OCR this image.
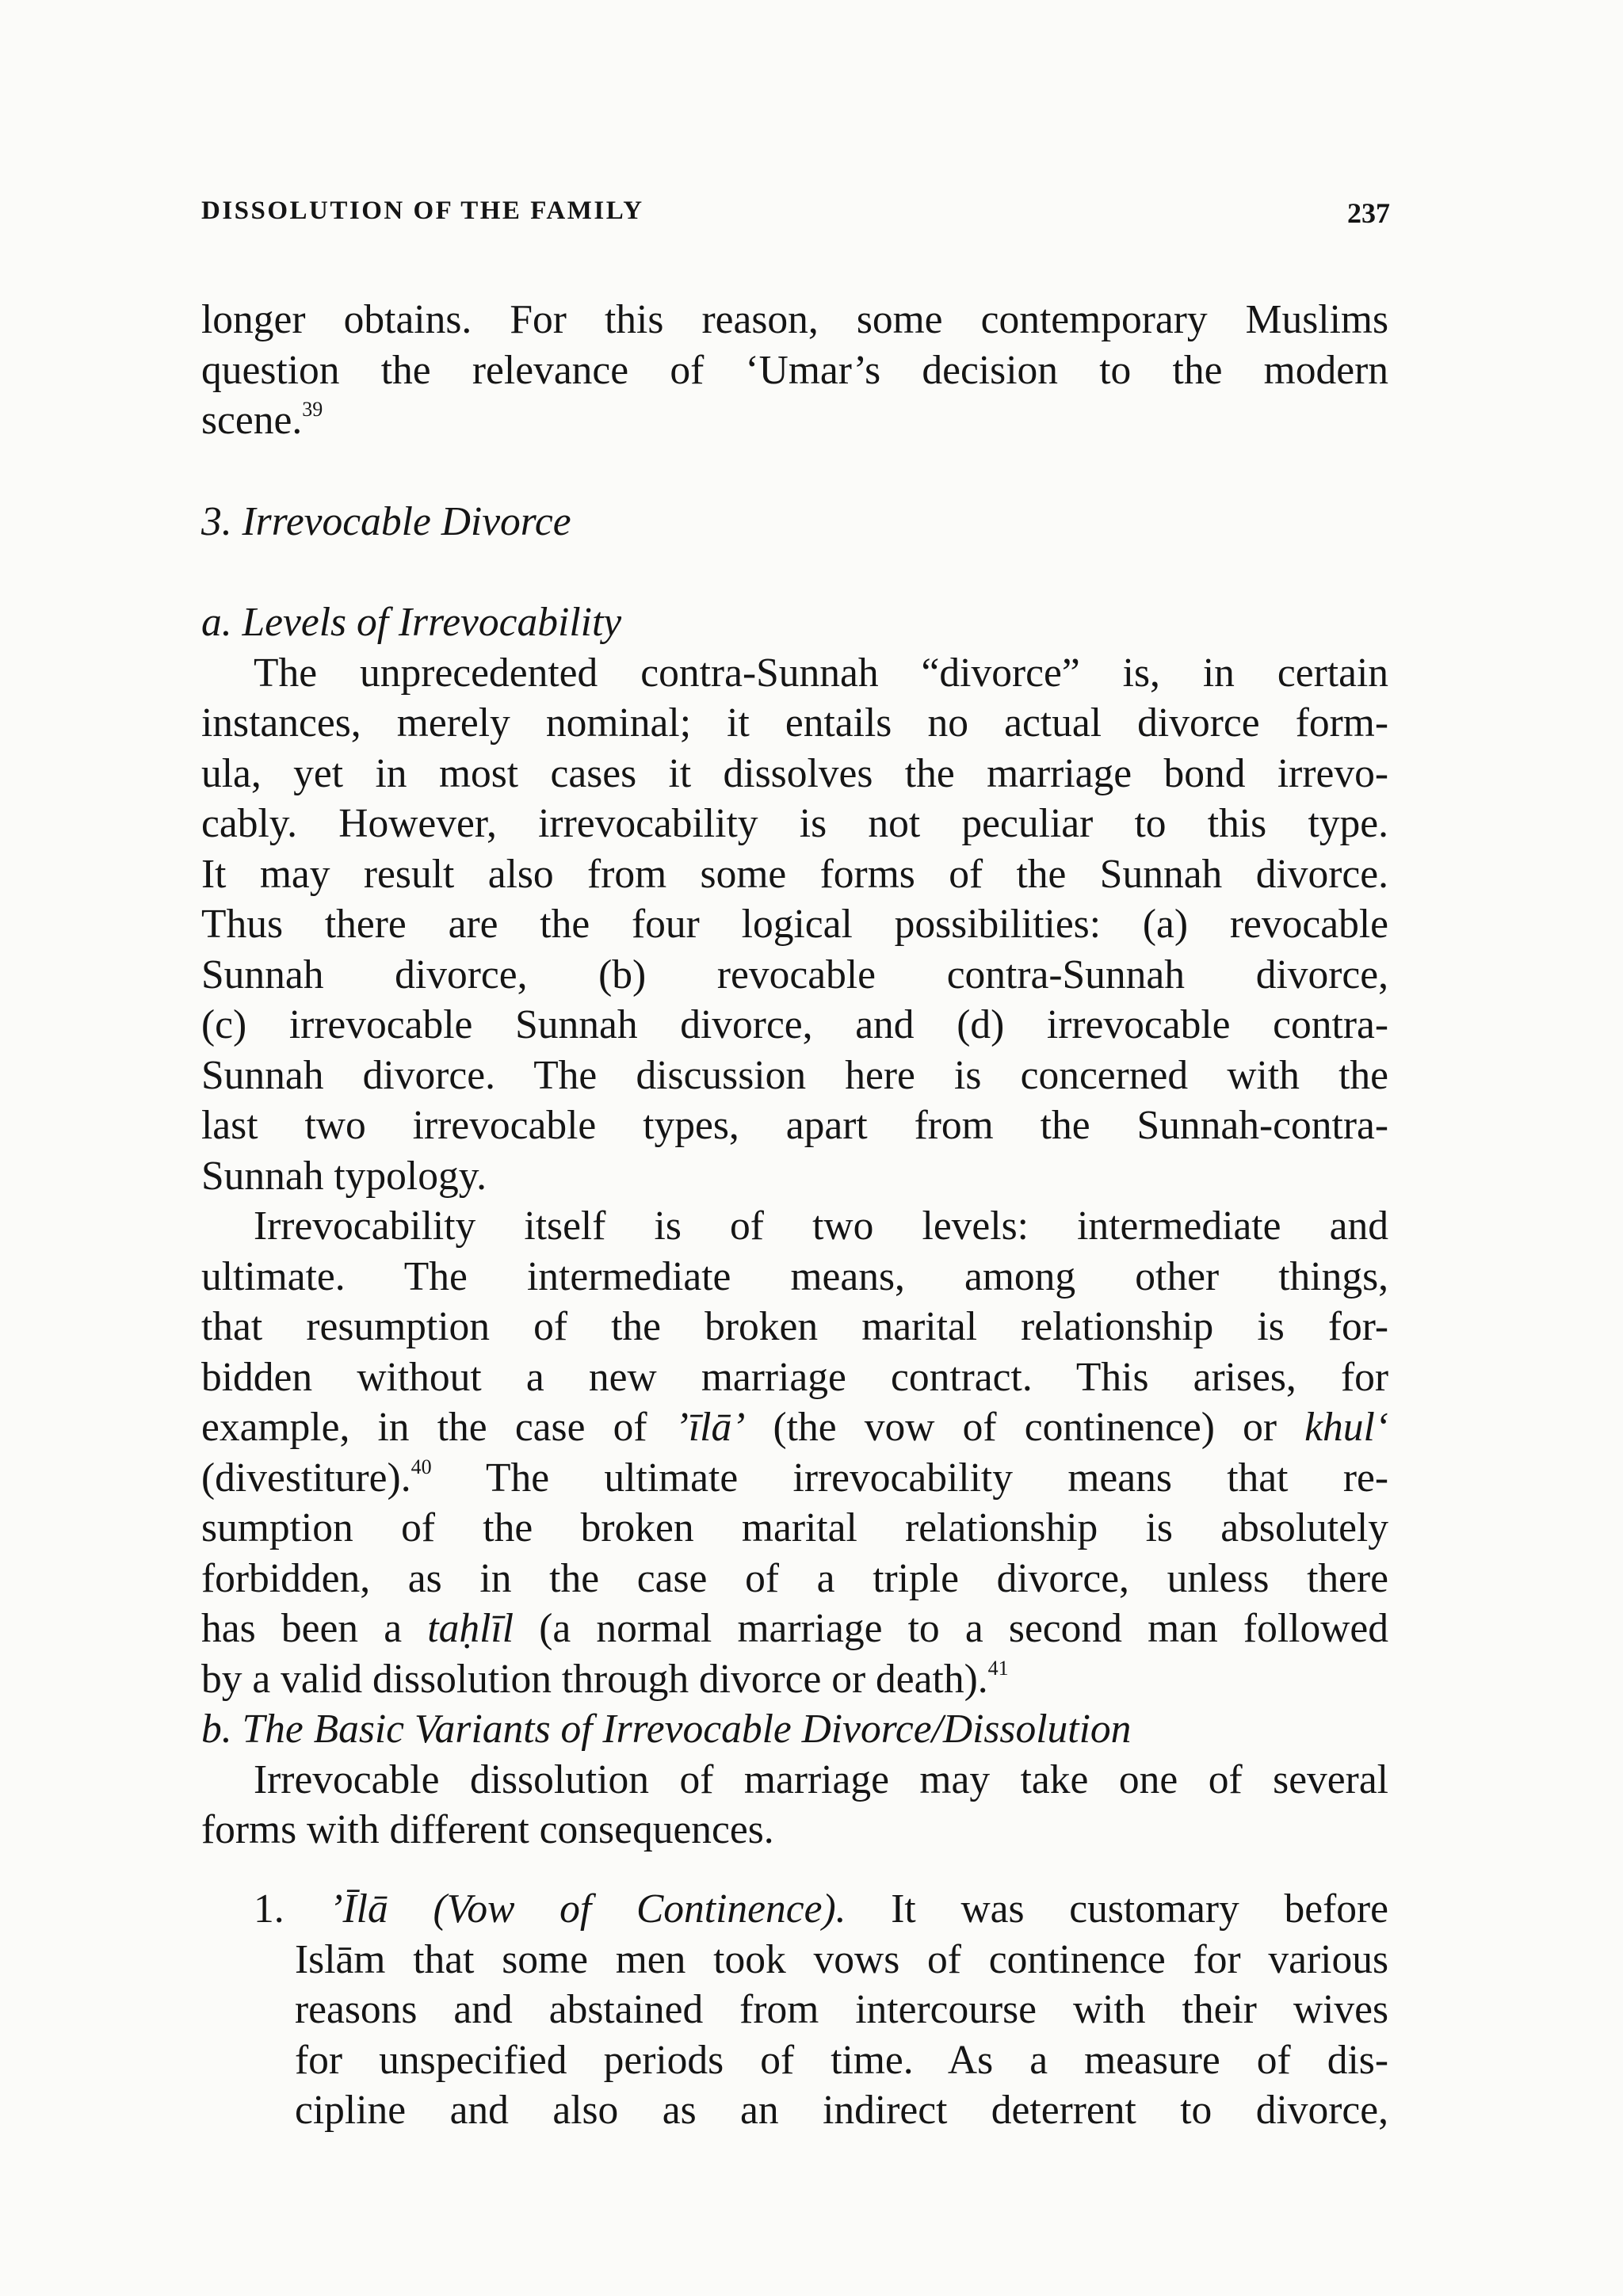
DISSOLUTION OF THE FAMILY	237
longer obtains. For this reason, some contemporary Muslims
question the relevance of ‘Umar’s decision to the modern
scene.$^{39}$
3. Irrevocable Divorce
a. Levels of Irrevocability
The unprecedented contra-Sunnah “divorce” is, in certain
instances, merely nominal; it entails no actual divorce form-
ula, yet in most cases it dissolves the marriage bond irrevo-
cably. However, irrevocability is not peculiar to this type.
It may result also from some forms of the Sunnah divorce.
Thus there are the four logical possibilities: (a) revocable
Sunnah divorce, (b) revocable contra-Sunnah divorce,
(c) irrevocable Sunnah divorce, and (d) irrevocable contra-
Sunnah divorce. The discussion here is concerned with the
last two irrevocable types, apart from the Sunnah-contra-
Sunnah typology.
Irrevocability itself is of two levels: intermediate and
ultimate. The intermediate means, among other things,
that resumption of the broken marital relationship is for-
bidden without a new marriage contract. This arises, for
example, in the case of ’īlā’ (the vow of continence) or khul‘
(divestiture).$^{40}$ The ultimate irrevocability means that re-
sumption of the broken marital relationship is absolutely
forbidden, as in the case of a triple divorce, unless there
has been a taḥlīl (a normal marriage to a second man followed
by a valid dissolution through divorce or death).$^{41}$
b. The Basic Variants of Irrevocable Divorce/Dissolution
Irrevocable dissolution of marriage may take one of several
forms with different consequences.
1. ’Īlā (Vow of Continence). It was customary before
Islām that some men took vows of continence for various
reasons and abstained from intercourse with their wives
for unspecified periods of time. As a measure of dis-
cipline and also as an indirect deterrent to divorce,
